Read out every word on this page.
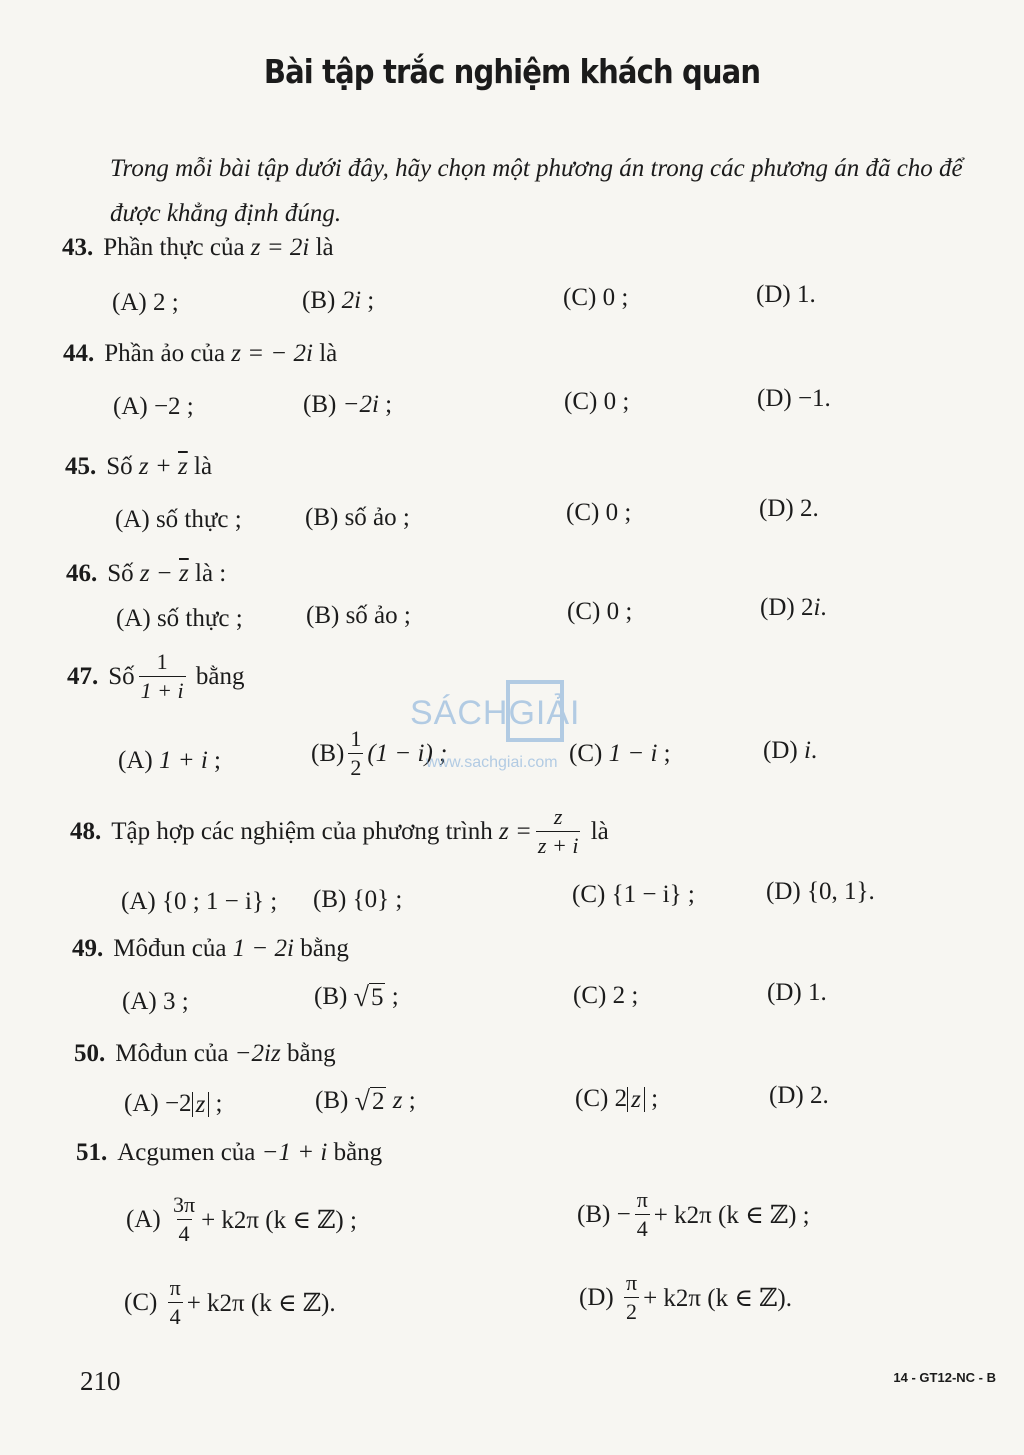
Bài tập trắc nghiệm khách quan
Trong mỗi bài tập dưới đây, hãy chọn một phương án trong các phương án đã cho để được khẳng định đúng.
43. Phần thực của
z = 2i
là
(A) 2 ;	(B)
2i
;	(C) 0 ;	(D) 1.
44. Phần ảo của
z = − 2i
là
(A) −2 ;	(B)
−2i
;	(C) 0 ;	(D) −1.
45. Số
z +
$\overline{z}$
là
(A) số thực ;	(B) số ảo ;	(C) 0 ;	(D) 2.
46. Số
z −
$\overline{z}$
là :
(A) số thực ;	(B) số ảo ;	(C) 0 ;	(D) 2 i .
47. Số $\frac{1}{1 + i}$
bằng
(A)
1 + i
;	$(B) \frac{1}{2} (1 - i)$ ;	(C)
1 − i
;	(D)
i .
SÁCHGIẢI
www.sachgiai.com
48. Tập hợp các nghiệm của phương trình
$z = \frac{z}{z + i}$
là
(A) {0 ; 1 − i} ; (B) {0} ;	(C) {1 − i} ;	(D) {0, 1}.
49. Môđun của
1 − 2i
bằng
(A) 3 ;	(B)
√ 5
;	(C) 2 ;	(D) 1.
50. Môđun của
−2iz
bằng
(A) −2 z
;	(B)
√ 2
z
;	(C) 2 z
;	(D) 2.
51. Acgumen của
−1 + i
bằng
(A)
$\frac{3\pi}{4} + k2\pi$ (k ∈ ℤ) ;	$(B) - \frac{\pi}{4} + k2\pi$ (k ∈ ℤ) ;
(C)
$\frac{\pi}{4} + k2\pi$ (k ∈ ℤ).	(D)
$\frac{\pi}{2} + k2\pi$ (k ∈ ℤ).
210	14 - GT12-NC - B
